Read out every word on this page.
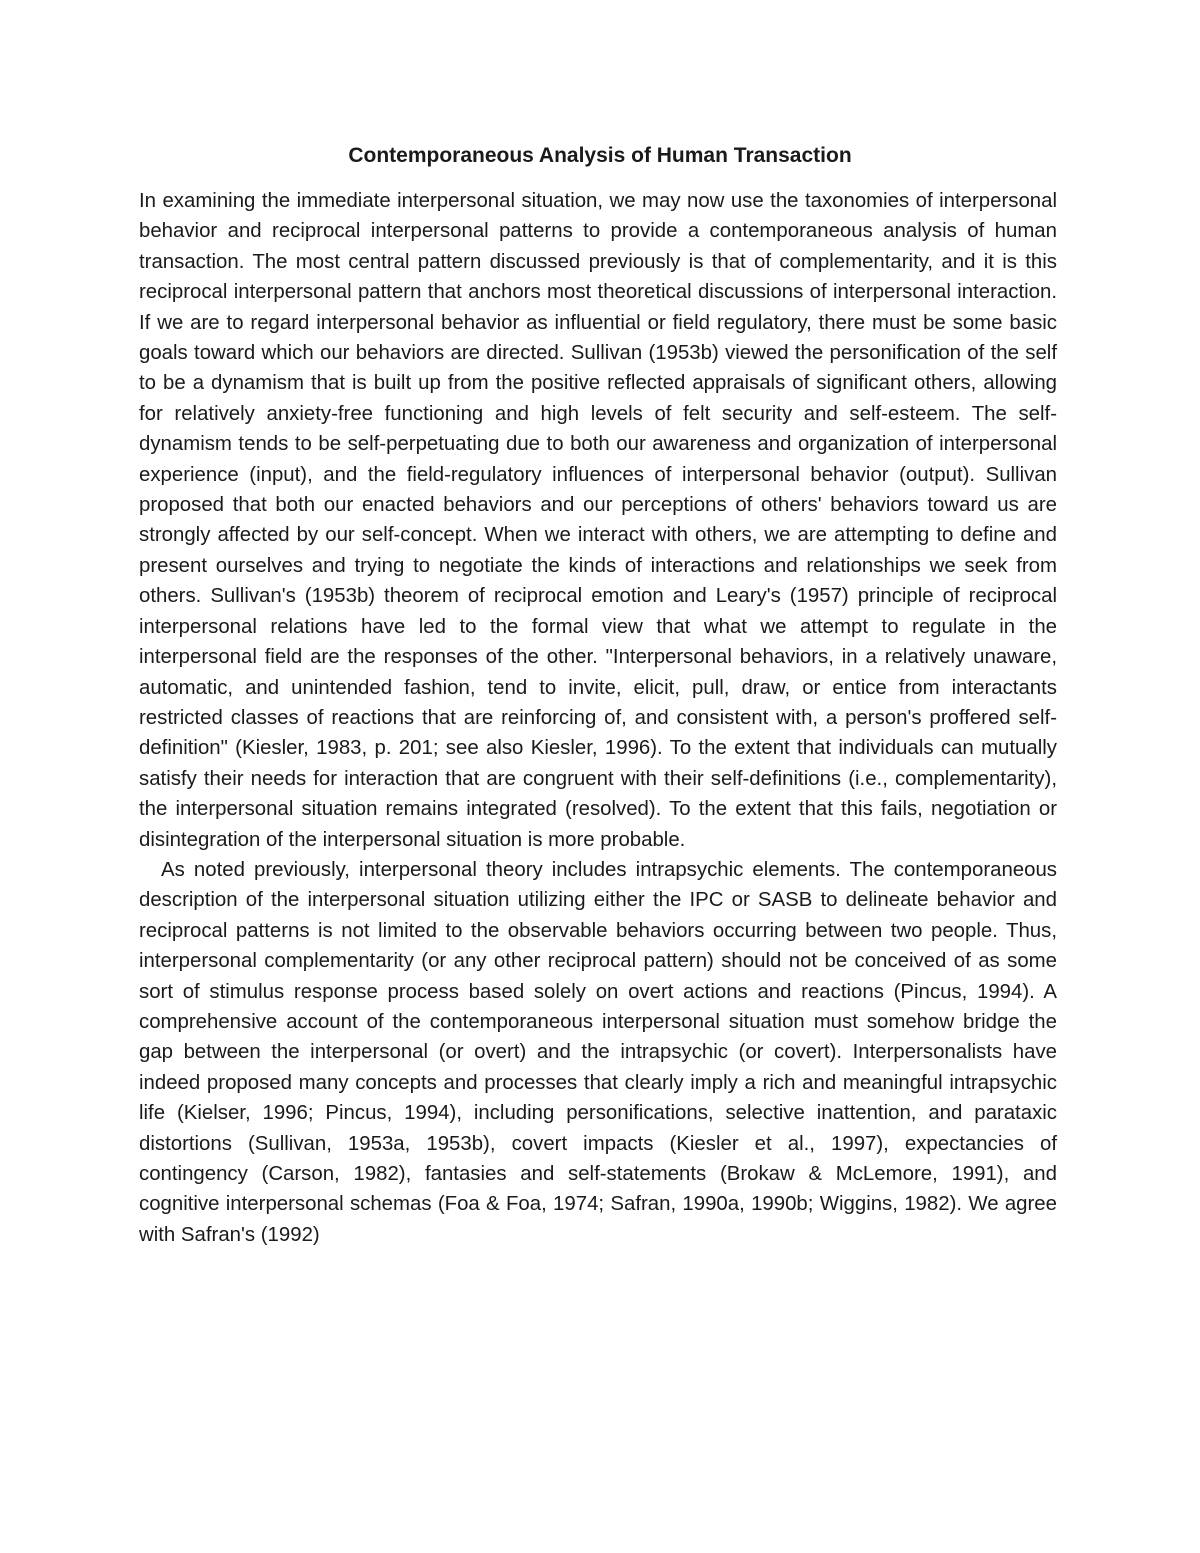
Contemporaneous Analysis of Human Transaction

In examining the immediate interpersonal situation, we may now use the taxonomies of interpersonal behavior and reciprocal interpersonal patterns to provide a contemporaneous analysis of human transaction. The most central pattern discussed previously is that of complementarity, and it is this reciprocal interpersonal pattern that anchors most theoretical discussions of interpersonal interaction. If we are to regard interpersonal behavior as influential or field regulatory, there must be some basic goals toward which our behaviors are directed. Sullivan (1953b) viewed the personification of the self to be a dynamism that is built up from the positive reflected appraisals of significant others, allowing for relatively anxiety-free functioning and high levels of felt security and self-esteem. The self-dynamism tends to be self-perpetuating due to both our awareness and organization of interpersonal experience (input), and the field-regulatory influences of interpersonal behavior (output). Sullivan proposed that both our enacted behaviors and our perceptions of others' behaviors toward us are strongly affected by our self-concept. When we interact with others, we are attempting to define and present ourselves and trying to negotiate the kinds of interactions and relationships we seek from others. Sullivan's (1953b) theorem of reciprocal emotion and Leary's (1957) principle of reciprocal interpersonal relations have led to the formal view that what we attempt to regulate in the interpersonal field are the responses of the other. "Interpersonal behaviors, in a relatively unaware, automatic, and unintended fashion, tend to invite, elicit, pull, draw, or entice from interactants restricted classes of reactions that are reinforcing of, and consistent with, a person's proffered self-definition" (Kiesler, 1983, p. 201; see also Kiesler, 1996). To the extent that individuals can mutually satisfy their needs for interaction that are congruent with their self-definitions (i.e., complementarity), the interpersonal situation remains integrated (resolved). To the extent that this fails, negotiation or disintegration of the interpersonal situation is more probable.

As noted previously, interpersonal theory includes intrapsychic elements. The contemporaneous description of the interpersonal situation utilizing either the IPC or SASB to delineate behavior and reciprocal patterns is not limited to the observable behaviors occurring between two people. Thus, interpersonal complementarity (or any other reciprocal pattern) should not be conceived of as some sort of stimulus response process based solely on overt actions and reactions (Pincus, 1994). A comprehensive account of the contemporaneous interpersonal situation must somehow bridge the gap between the interpersonal (or overt) and the intrapsychic (or covert). Interpersonalists have indeed proposed many concepts and processes that clearly imply a rich and meaningful intrapsychic life (Kielser, 1996; Pincus, 1994), including personifications, selective inattention, and parataxic distortions (Sullivan, 1953a, 1953b), covert impacts (Kiesler et al., 1997), expectancies of contingency (Carson, 1982), fantasies and self-statements (Brokaw & McLemore, 1991), and cognitive interpersonal schemas (Foa & Foa, 1974; Safran, 1990a, 1990b; Wiggins, 1982). We agree with Safran's (1992)
